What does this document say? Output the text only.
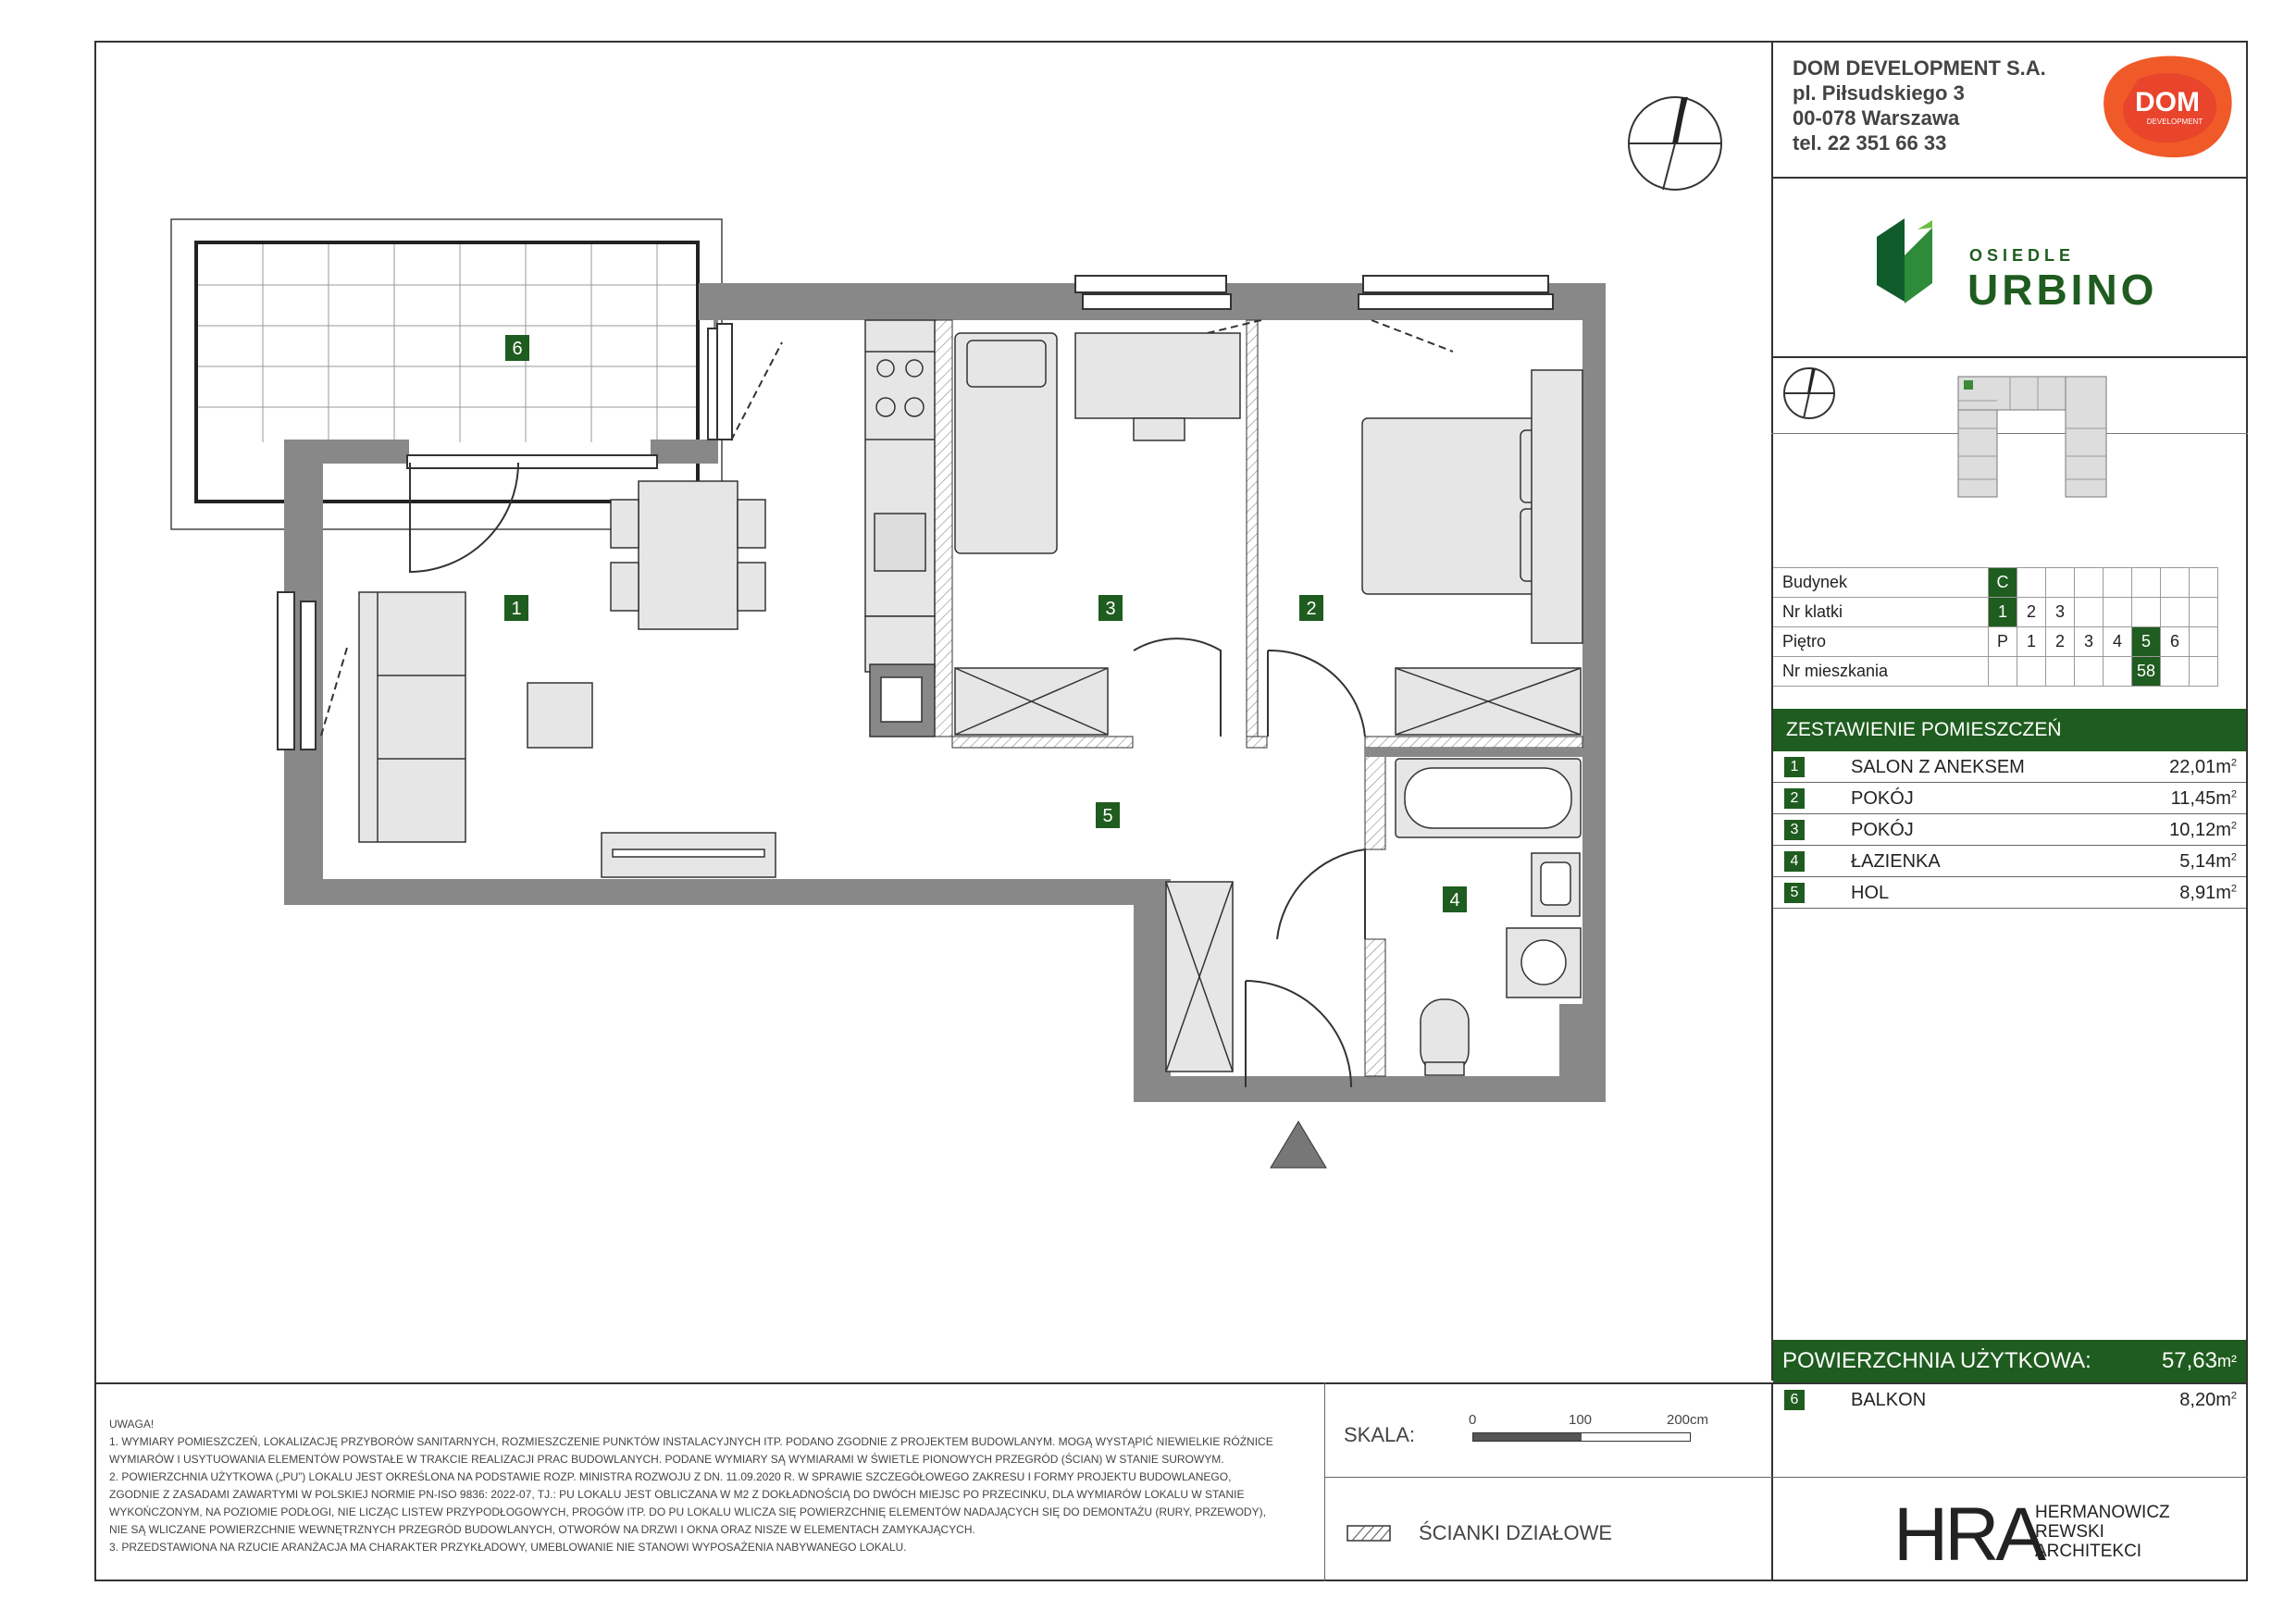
DOM DEVELOPMENT S.A.
pl. Piłsudskiego 3
00-078 Warszawa
tel. 22 351 66 33
DOM
DEVELOPMENT
OSIEDLE
URBINO
Budynek	C							
Nr klatki	1	2	3					
Piętro	P	1	2	3	4	5	6	
Nr mieszkania						58		
ZESTAWIENIE POMIESZCZEŃ
1	SALON Z ANEKSEM	$22,01m^2$
2	POKÓJ	$11,45m^2$
3	POKÓJ	$10,12m^2$
4	ŁAZIENKA	$5,14m^2$
5	HOL	$8,91m^2$
POWIERZCHNIA UŻYTKOWA:	$57,63^{m^2}$
6	BALKON	$8,20m^2$
UWAGA!
1. WYMIARY POMIESZCZEŃ, LOKALIZACJĘ PRZYBORÓW SANITARNYCH, ROZMIESZCZENIE PUNKTÓW INSTALACYJNYCH ITP. PODANO ZGODNIE Z PROJEKTEM BUDOWLANYM. MOGĄ WYSTĄPIĆ NIEWIELKIE RÓŻNICE
WYMIARÓW I USYTUOWANIA ELEMENTÓW POWSTAŁE W TRAKCIE REALIZACJI PRAC BUDOWLANYCH. PODANE WYMIARY SĄ WYMIARAMI W ŚWIETLE PIONOWYCH PRZEGRÓD (ŚCIAN) W STANIE SUROWYM.
2. POWIERZCHNIA UŻYTKOWA („PU”) LOKALU JEST OKREŚLONA NA PODSTAWIE ROZP. MINISTRA ROZWOJU Z DN. 11.09.2020 R. W SPRAWIE SZCZEGÓŁOWEGO ZAKRESU I FORMY PROJEKTU BUDOWLANEGO,
ZGODNIE Z ZASADAMI ZAWARTYMI W POLSKIEJ NORMIE PN-ISO 9836: 2022-07, TJ.: PU LOKALU JEST OBLICZANA W M2 Z DOKŁADNOŚCIĄ DO DWÓCH MIEJSC PO PRZECINKU, DLA WYMIARÓW LOKALU W STANIE
WYKOŃCZONYM, NA POZIOMIE PODŁOGI, NIE LICZĄC LISTEW PRZYPODŁOGOWYCH, PROGÓW ITP. DO PU LOKALU WLICZA SIĘ POWIERZCHNIĘ ELEMENTÓW NADAJĄCYCH SIĘ DO DEMONTAŻU (RURY, PRZEWODY),
NIE SĄ WLICZANE POWIERZCHNIE WEWNĘTRZNYCH PRZEGRÓD BUDOWLANYCH, OTWORÓW NA DRZWI I OKNA ORAZ NISZE W ELEMENTACH ZAMYKAJĄCYCH.
3. PRZEDSTAWIONA NA RZUCIE ARANŻACJA MA CHARAKTER PRZYKŁADOWY, UMEBLOWANIE NIE STANOWI WYPOSAŻENIA NABYWANEGO LOKALU.
SKALA:
0	100	200cm
ŚCIANKI DZIAŁOWE	HRA
HERMANOWICZ
REWSKI
ARCHITEKCI
1	2
3
4
5
6
